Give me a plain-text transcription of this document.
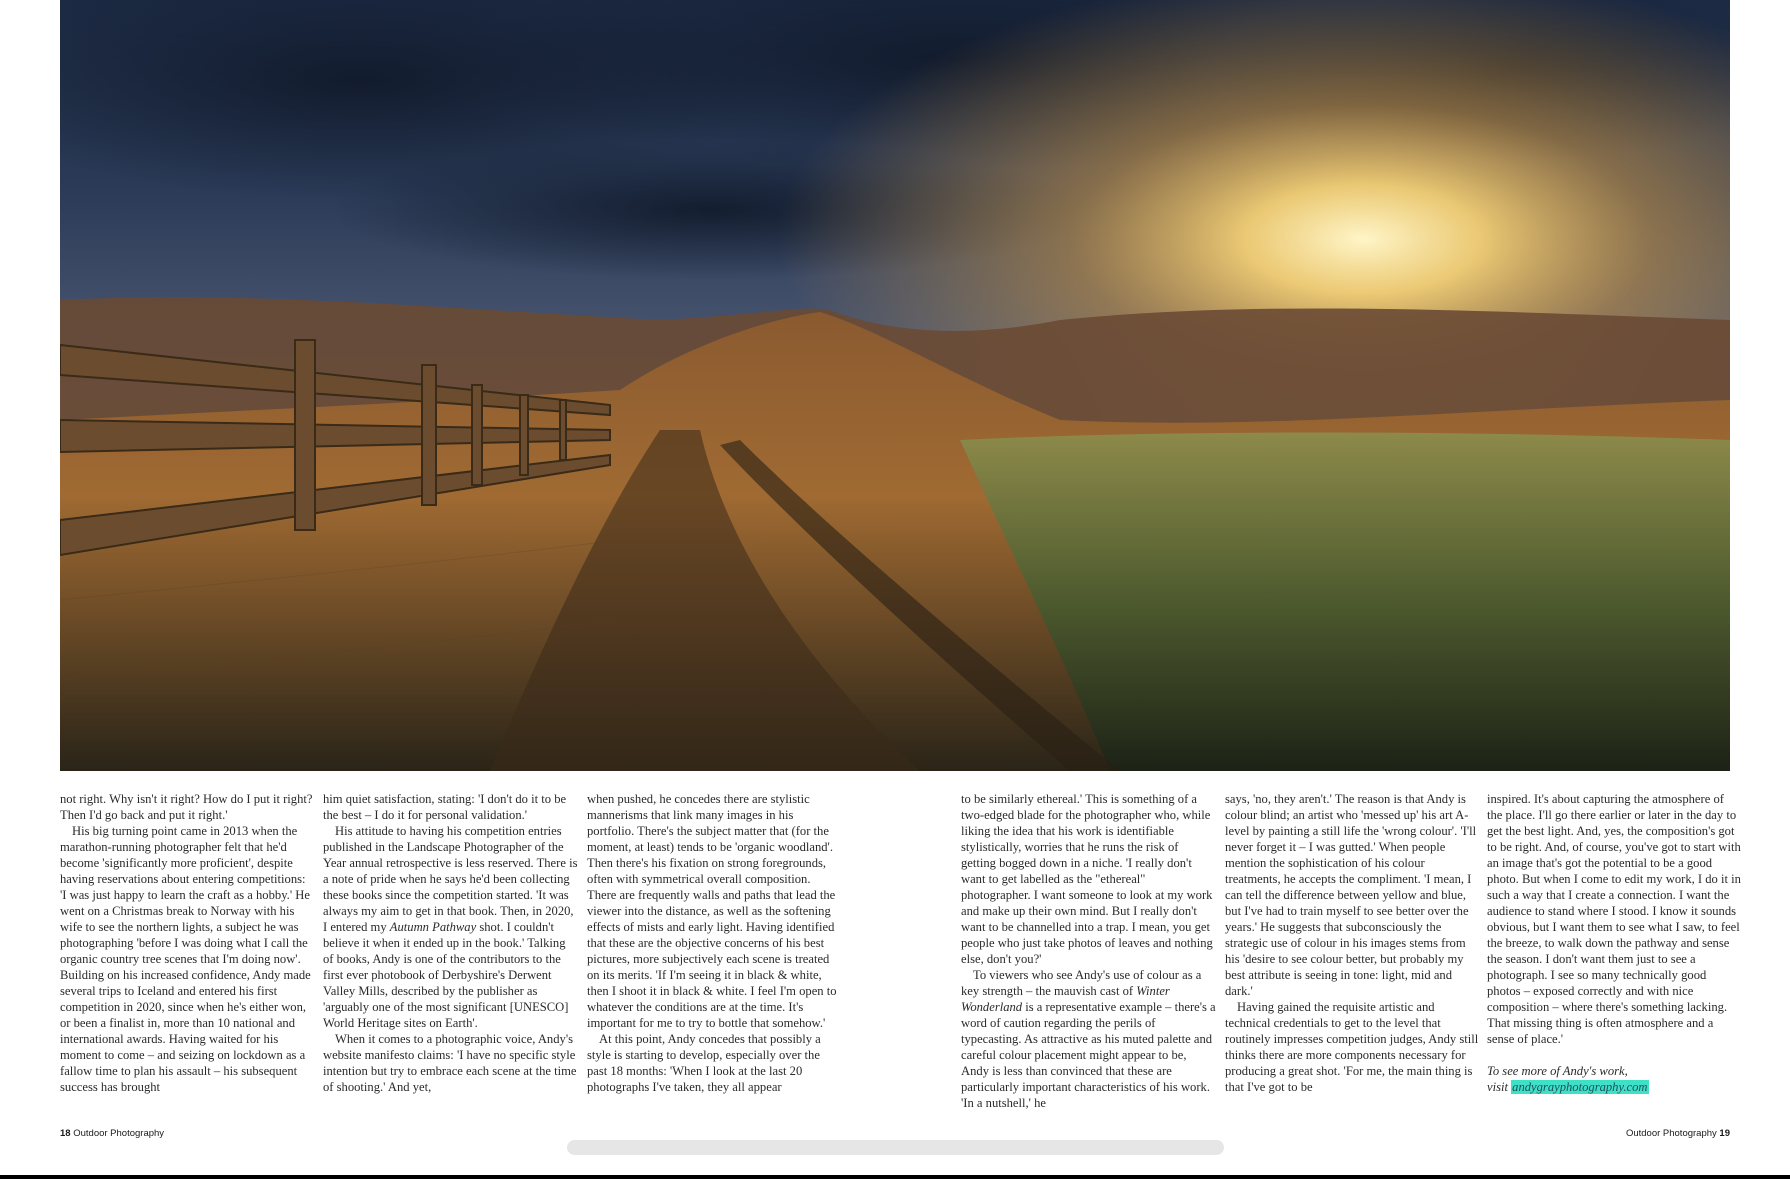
not right. Why isn't it right? How do I put it right? Then I'd go back and put it right.'

His big turning point came in 2013 when the marathon-running photographer felt that he'd become 'significantly more proficient', despite having reservations about entering competitions: 'I was just happy to learn the craft as a hobby.' He went on a Christmas break to Norway with his wife to see the northern lights, a subject he was photographing 'before I was doing what I call the organic country tree scenes that I'm doing now'. Building on his increased confidence, Andy made several trips to Iceland and entered his first competition in 2020, since when he's either won, or been a finalist in, more than 10 national and international awards. Having waited for his moment to come – and seizing on lockdown as a fallow time to plan his assault – his subsequent success has brought

him quiet satisfaction, stating: 'I don't do it to be the best – I do it for personal validation.'

His attitude to having his competition entries published in the Landscape Photographer of the Year annual retrospective is less reserved. There is a note of pride when he says he'd been collecting these books since the competition started. 'It was always my aim to get in that book. Then, in 2020, I entered my Autumn Pathway shot. I couldn't believe it when it ended up in the book.' Talking of books, Andy is one of the contributors to the first ever photobook of Derbyshire's Derwent Valley Mills, described by the publisher as 'arguably one of the most significant [UNESCO] World Heritage sites on Earth'.

When it comes to a photographic voice, Andy's website manifesto claims: 'I have no specific style intention but try to embrace each scene at the time of shooting.' And yet,

when pushed, he concedes there are stylistic mannerisms that link many images in his portfolio. There's the subject matter that (for the moment, at least) tends to be 'organic woodland'. Then there's his fixation on strong foregrounds, often with symmetrical overall composition. There are frequently walls and paths that lead the viewer into the distance, as well as the softening effects of mists and early light. Having identified that these are the objective concerns of his best pictures, more subjectively each scene is treated on its merits. 'If I'm seeing it in black & white, then I shoot it in black & white. I feel I'm open to whatever the conditions are at the time. It's important for me to try to bottle that somehow.'

At this point, Andy concedes that possibly a style is starting to develop, especially over the past 18 months: 'When I look at the last 20 photographs I've taken, they all appear

to be similarly ethereal.' This is something of a two-edged blade for the photographer who, while liking the idea that his work is identifiable stylistically, worries that he runs the risk of getting bogged down in a niche. 'I really don't want to get labelled as the "ethereal" photographer. I want someone to look at my work and make up their own mind. But I really don't want to be channelled into a trap. I mean, you get people who just take photos of leaves and nothing else, don't you?'

To viewers who see Andy's use of colour as a key strength – the mauvish cast of Winter Wonderland is a representative example – there's a word of caution regarding the perils of typecasting. As attractive as his muted palette and careful colour placement might appear to be, Andy is less than convinced that these are particularly important characteristics of his work. 'In a nutshell,' he

says, 'no, they aren't.' The reason is that Andy is colour blind; an artist who 'messed up' his art A-level by painting a still life the 'wrong colour'. 'I'll never forget it – I was gutted.' When people mention the sophistication of his colour treatments, he accepts the compliment. 'I mean, I can tell the difference between yellow and blue, but I've had to train myself to see better over the years.' He suggests that subconsciously the strategic use of colour in his images stems from his 'desire to see colour better, but probably my best attribute is seeing in tone: light, mid and dark.'

Having gained the requisite artistic and technical credentials to get to the level that routinely impresses competition judges, Andy still thinks there are more components necessary for producing a great shot. 'For me, the main thing is that I've got to be

inspired. It's about capturing the atmosphere of the place. I'll go there earlier or later in the day to get the best light. And, yes, the composition's got to be right. And, of course, you've got to start with an image that's got the potential to be a good photo. But when I come to edit my work, I do it in such a way that I create a connection. I want the audience to stand where I stood. I know it sounds obvious, but I want them to see what I saw, to feel the breeze, to walk down the pathway and sense the season. I don't want them just to see a photograph. I see so many technically good photos – exposed correctly and with nice composition – where there's something lacking. That missing thing is often atmosphere and a sense of place.'

To see more of Andy's work,
visit andygrayphotography.com

18 Outdoor Photography	Outdoor Photography 19
